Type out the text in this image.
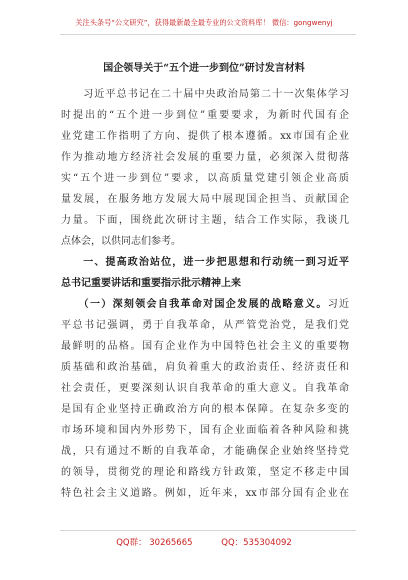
关注头条号“公文研究”，获得最新最全最专业的公文资料库！ 微信：gongwenyj
国企领导关于“五个进一步到位”研讨发言材料
　　习近平总书记在二十届中央政治局第二十一次集体学习
时提出的“五个进一步到位”重要要求，为新时代国有企
业党建工作指明了方向、提供了根本遵循。xx市国有企业
作为推动地方经济社会发展的重要力量，必须深入贯彻落
实“五个进一步到位”要求，以高质量党建引领企业高质
量发展，在服务地方发展大局中展现国企担当、贡献国企
力量。下面，围绕此次研讨主题，结合工作实际，我谈几
点体会，以供同志们参考。
　　一、提高政治站位，进一步把思想和行动统一到习近平
总书记重要讲话和重要指示批示精神上来
　　（一）深刻领会自我革命对国企发展的战略意义。习近
平总书记强调，勇于自我革命，从严管党治党，是我们党
最鲜明的品格。国有企业作为中国特色社会主义的重要物
质基础和政治基础，肩负着重大的政治责任、经济责任和
社会责任，更要深刻认识自我革命的重大意义。自我革命
是国有企业坚持正确政治方向的根本保障。在复杂多变的
市场环境和国内外形势下，国有企业面临着各种风险和挑
战，只有通过不断的自我革命，才能确保企业始终坚持党
的领导，贯彻党的理论和路线方针政策，坚定不移走中国
特色社会主义道路。例如，近年来，xx市部分国有企业在
QQ群： 30265665	QQ：535304092
